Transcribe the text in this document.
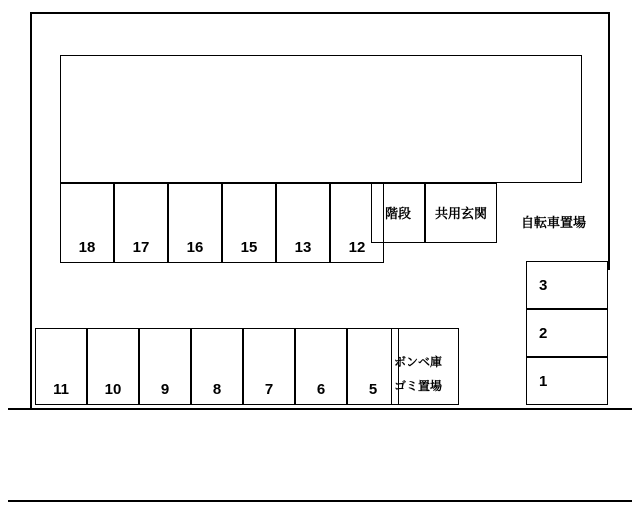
18 17 16 15 13 12
階段 共用玄関
自転車置場
3
2
1
11 10	9	8	7	6	5
ボンベ庫
ゴミ置場
